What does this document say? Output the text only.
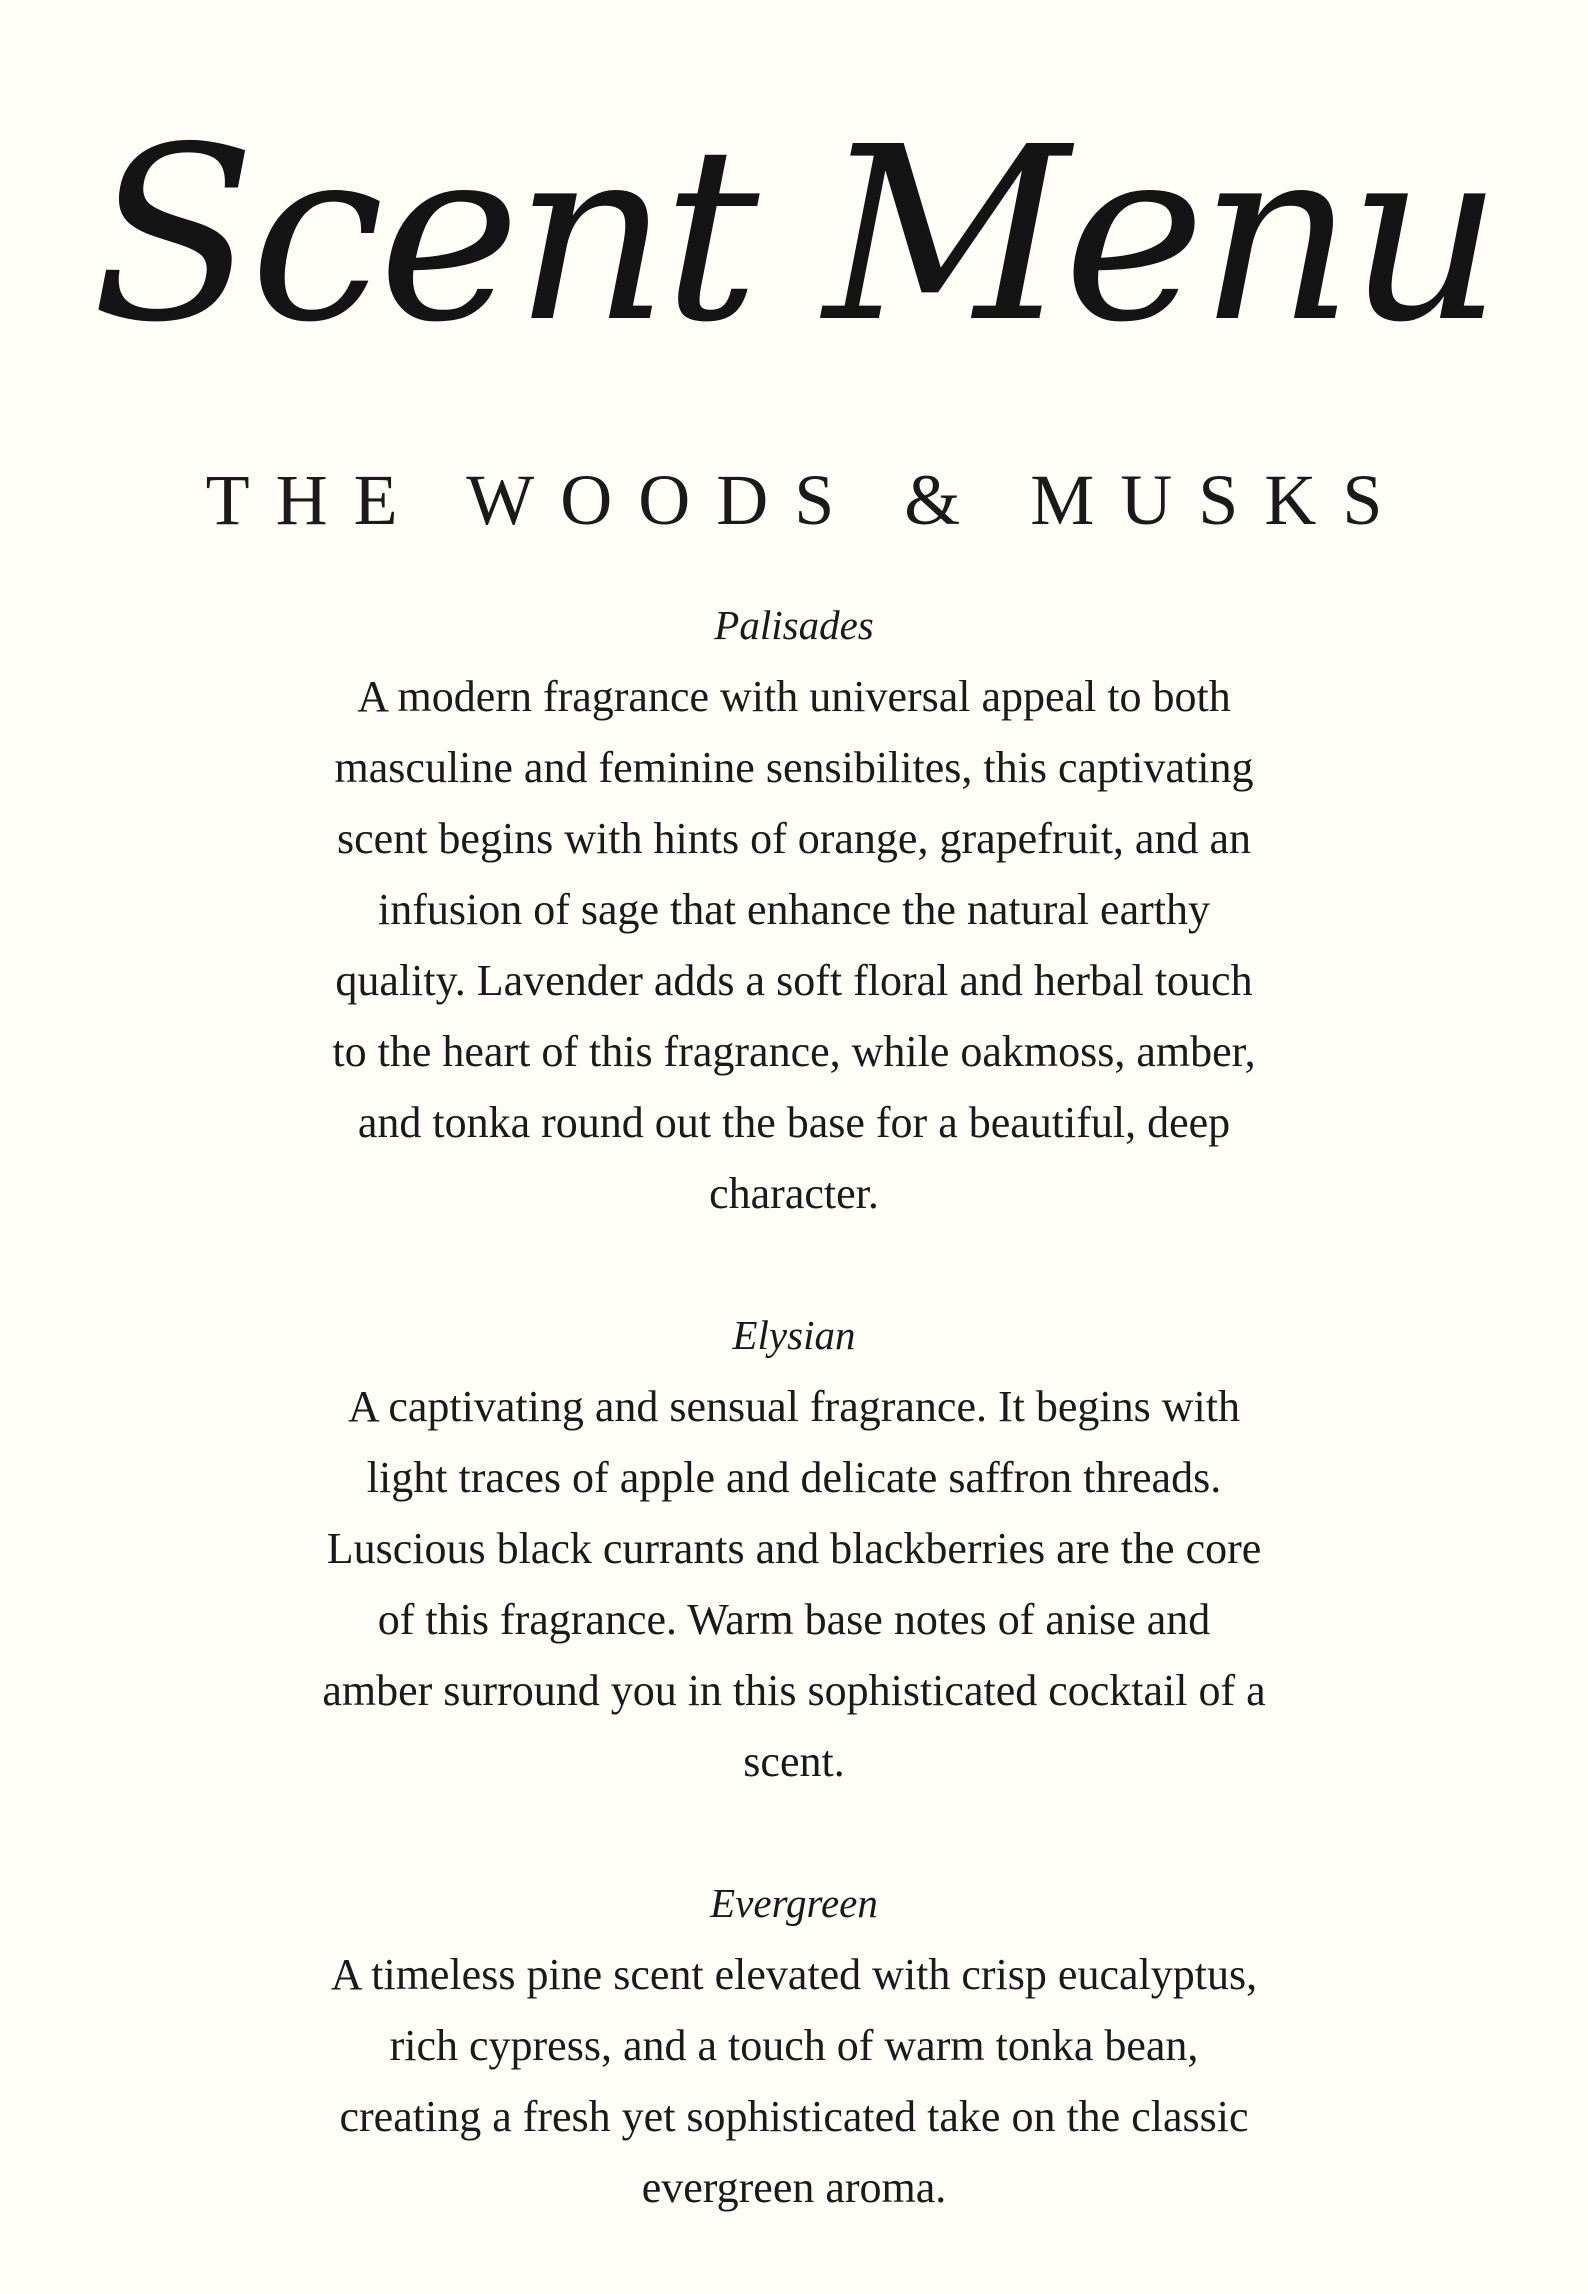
Scent Menu
THE WOODS & MUSKS
Palisades
A modern fragrance with universal appeal to both
masculine and feminine sensibilites, this captivating
scent begins with hints of orange, grapefruit, and an
infusion of sage that enhance the natural earthy
quality. Lavender adds a soft floral and herbal touch
to the heart of this fragrance, while oakmoss, amber,
and tonka round out the base for a beautiful, deep
character.
Elysian
A captivating and sensual fragrance. It begins with
light traces of apple and delicate saffron threads.
Luscious black currants and blackberries are the core
of this fragrance. Warm base notes of anise and
amber surround you in this sophisticated cocktail of a
scent.
Evergreen
A timeless pine scent elevated with crisp eucalyptus,
rich cypress, and a touch of warm tonka bean,
creating a fresh yet sophisticated take on the classic
evergreen aroma.
